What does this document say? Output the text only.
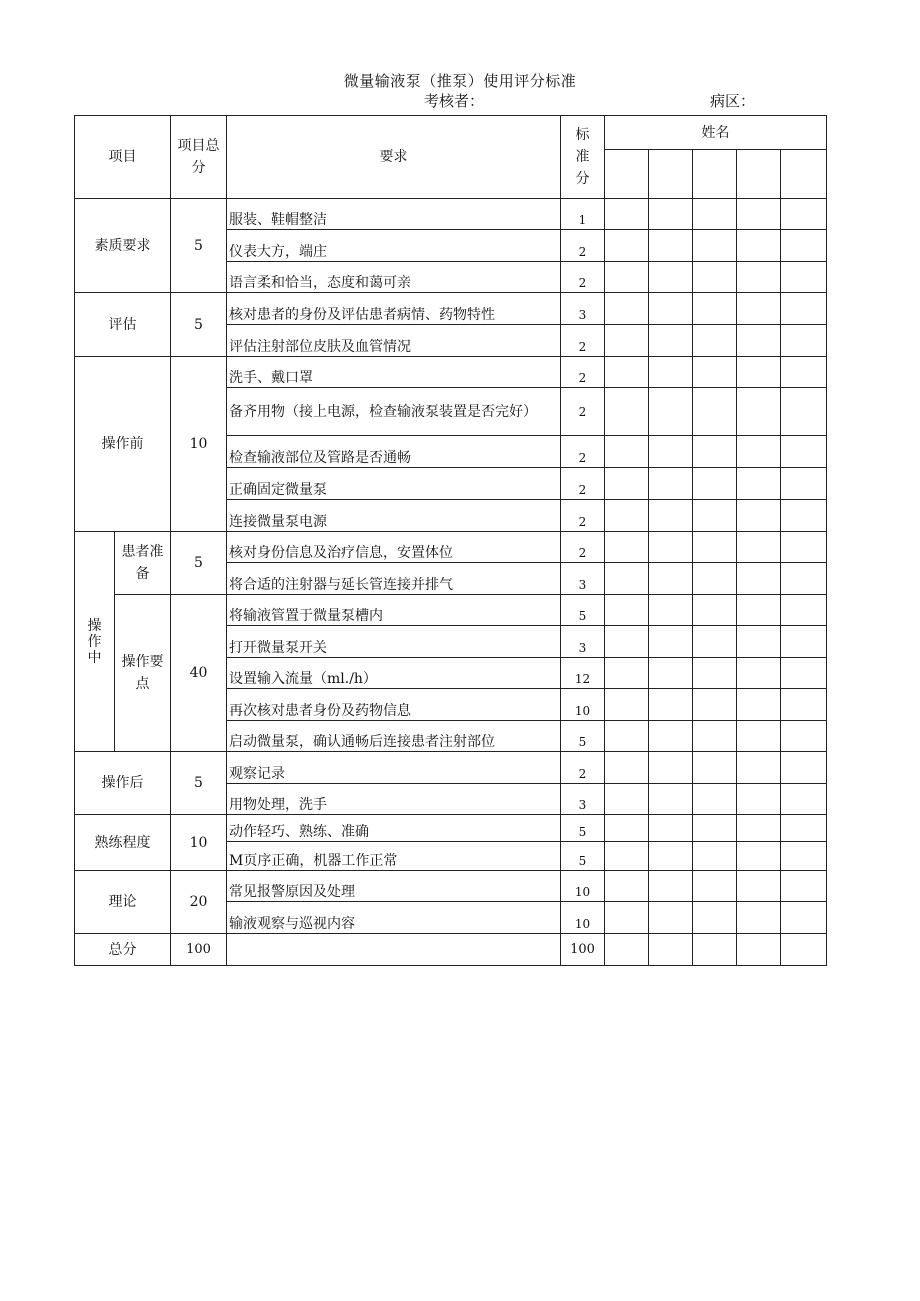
微量输液泵（推泵）使用评分标准
考核者：	病区：
项目		项目总分	要求	标准分	姓名				

素质要求		5	服装、鞋帽整洁	1					
			仪表大方，端庄	2					
			语言柔和恰当，态度和蔼可亲	2					
评估		5	核对患者的身份及评估患者病情、药物特性	3					
			评估注射部位皮肤及血管情况	2					
操作前		10	洗手、戴口罩	2					
			备齐用物（接上电源，检查输液泵装置是否完好）	2					
			检查输液部位及管路是否通畅	2					
			正确固定微量泵	2					
			连接微量泵电源	2					
操作中	患者准备	5	核对身份信息及治疗信息，安置体位	2					
			将合适的注射器与延长管连接并排气	3					
	操作要点	40	将输液管置于微量泵槽内	5					
			打开微量泵开关	3					
			设置输入流量（ml./h）	12					
			再次核对患者身份及药物信息	10					
			启动微量泵，确认通畅后连接患者注射部位	5					
操作后		5	观察记录	2					
			用物处理，洗手	3					
熟练程度		10	动作轻巧、熟练、准确	5					
			M页序正确，机器工作正常	5					
理论		20	常见报警原因及处理	10					
			输液观察与巡视内容	10					
总分		100		100					
